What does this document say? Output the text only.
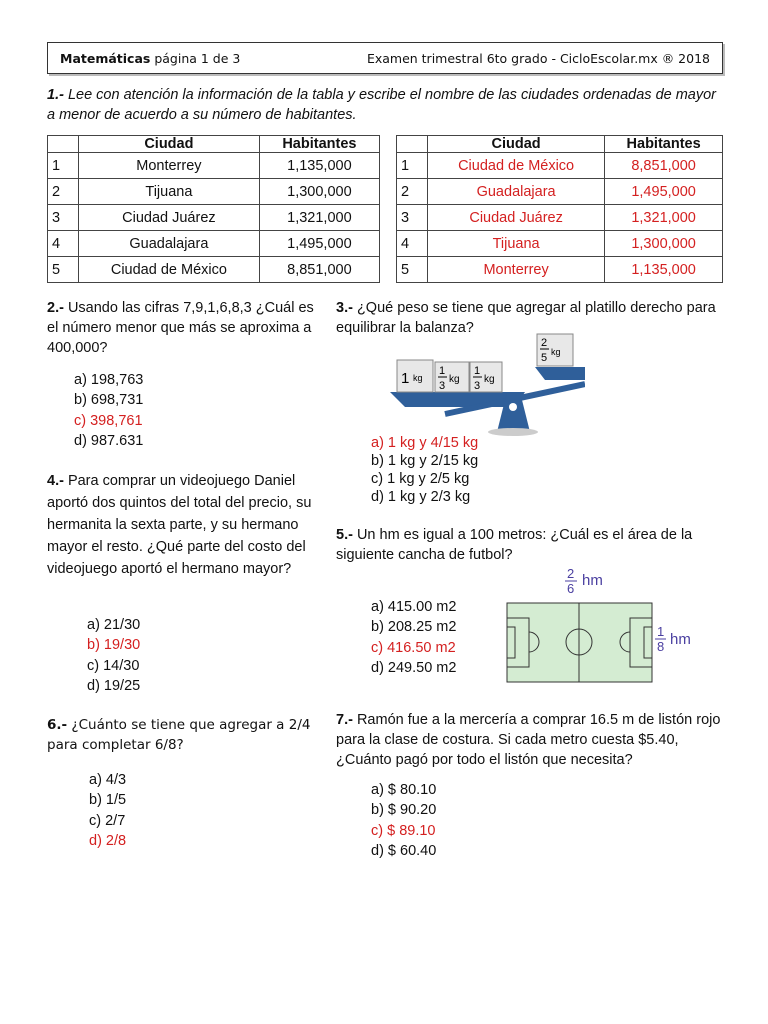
Matemáticas página 1 de 3	Examen trimestral 6to grado - CicloEscolar.mx ® 2018
1.- Lee con atención la información de la tabla y escribe el nombre de las ciudades ordenadas de mayor a menor de acuerdo a su número de habitantes.
	Ciudad	Habitantes
1	Monterrey	1,135,000
2	Tijuana	1,300,000
3	Ciudad Juárez	1,321,000
4	Guadalajara	1,495,000
5	Ciudad de México	8,851,000
	Ciudad	Habitantes
1	Ciudad de México	8,851,000
2	Guadalajara	1,495,000
3	Ciudad Juárez	1,321,000
4	Tijuana	1,300,000
5	Monterrey	1,135,000
2.- Usando las cifras 7,9,1,6,8,3 ¿Cuál es el número menor que más se aproxima a 400,000?
a) 198,763
b) 698,731
c) 398,761
d) 987.631
3.- ¿Qué peso se tiene que agregar al platillo derecho para equilibrar la balanza?
1 kg
1
3
kg
1
3
kg
2
5 kg
a) 1 kg y 4/15 kg
b) 1 kg y 2/15 kg
c) 1 kg y 2/5 kg
d) 1 kg y 2/3 kg
4.- Para comprar un videojuego Daniel aportó dos quintos del total del precio, su hermanita la sexta parte, y su hermano mayor el resto. ¿Qué parte del costo del videojuego aportó el hermano mayor?
a) 21/30
b) 19/30
c) 14/30
d) 19/25
5.- Un hm es igual a 100 metros: ¿Cuál es el área de la siguiente cancha de futbol?
a) 415.00 m2
b) 208.25 m2
c) 416.50 m2
d) 249.50 m2
2
6 hm
1
8 hm
6.- ¿Cuánto se tiene que agregar a 2/4 para completar 6/8?
a) 4/3
b) 1/5
c) 2/7
d) 2/8
7.- Ramón fue a la mercería a comprar 16.5 m de listón rojo para la clase de costura. Si cada metro cuesta $5.40, ¿Cuánto pagó por todo el listón que necesita?
a) $ 80.10
b) $ 90.20
c) $ 89.10
d) $ 60.40
